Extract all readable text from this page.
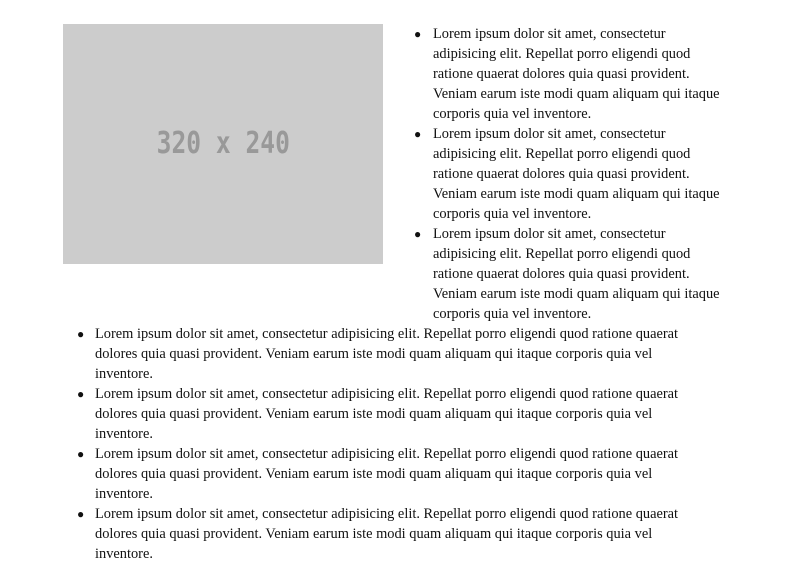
320 x 240
● Lorem ipsum dolor sit amet, consectetur adipisicing elit. Repellat porro eligendi quod ratione quaerat dolores quia quasi provident. Veniam earum iste modi quam aliquam qui itaque corporis quia vel inventore.
● Lorem ipsum dolor sit amet, consectetur adipisicing elit. Repellat porro eligendi quod ratione quaerat dolores quia quasi provident. Veniam earum iste modi quam aliquam qui itaque corporis quia vel inventore.
● Lorem ipsum dolor sit amet, consectetur adipisicing elit. Repellat porro eligendi quod ratione quaerat dolores quia quasi provident. Veniam earum iste modi quam aliquam qui itaque corporis quia vel inventore.
● Lorem ipsum dolor sit amet, consectetur adipisicing elit. Repellat porro eligendi quod ratione quaerat dolores quia quasi provident. Veniam earum iste modi quam aliquam qui itaque corporis quia vel inventore.
● Lorem ipsum dolor sit amet, consectetur adipisicing elit. Repellat porro eligendi quod ratione quaerat dolores quia quasi provident. Veniam earum iste modi quam aliquam qui itaque corporis quia vel inventore.
● Lorem ipsum dolor sit amet, consectetur adipisicing elit. Repellat porro eligendi quod ratione quaerat dolores quia quasi provident. Veniam earum iste modi quam aliquam qui itaque corporis quia vel inventore.
● Lorem ipsum dolor sit amet, consectetur adipisicing elit. Repellat porro eligendi quod ratione quaerat dolores quia quasi provident. Veniam earum iste modi quam aliquam qui itaque corporis quia vel inventore.
